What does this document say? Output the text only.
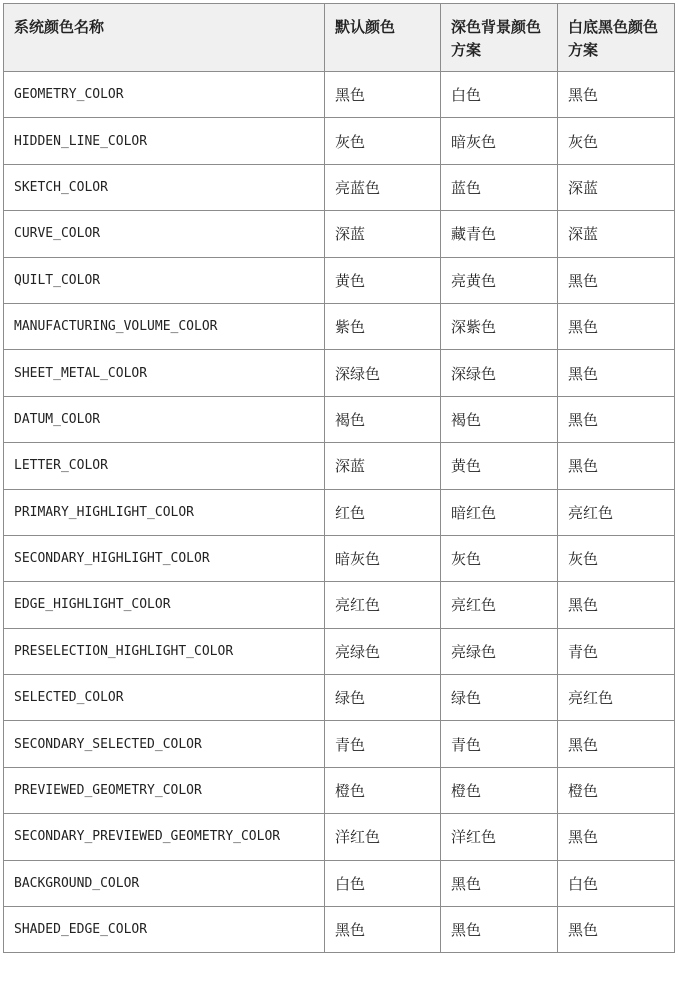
系统颜色名称	默认颜色	深色背景颜色方案	白底黑色颜色方案
GEOMETRY_COLOR	黑色	白色	黑色
HIDDEN_LINE_COLOR	灰色	暗灰色	灰色
SKETCH_COLOR	亮蓝色	蓝色	深蓝
CURVE_COLOR	深蓝	藏青色	深蓝
QUILT_COLOR	黄色	亮黄色	黑色
MANUFACTURING_VOLUME_COLOR	紫色	深紫色	黑色
SHEET_METAL_COLOR	深绿色	深绿色	黑色
DATUM_COLOR	褐色	褐色	黑色
LETTER_COLOR	深蓝	黄色	黑色
PRIMARY_HIGHLIGHT_COLOR	红色	暗红色	亮红色
SECONDARY_HIGHLIGHT_COLOR	暗灰色	灰色	灰色
EDGE_HIGHLIGHT_COLOR	亮红色	亮红色	黑色
PRESELECTION_HIGHLIGHT_COLOR	亮绿色	亮绿色	青色
SELECTED_COLOR	绿色	绿色	亮红色
SECONDARY_SELECTED_COLOR	青色	青色	黑色
PREVIEWED_GEOMETRY_COLOR	橙色	橙色	橙色
SECONDARY_PREVIEWED_GEOMETRY_COLOR	洋红色	洋红色	黑色
BACKGROUND_COLOR	白色	黑色	白色
SHADED_EDGE_COLOR	黑色	黑色	黑色
